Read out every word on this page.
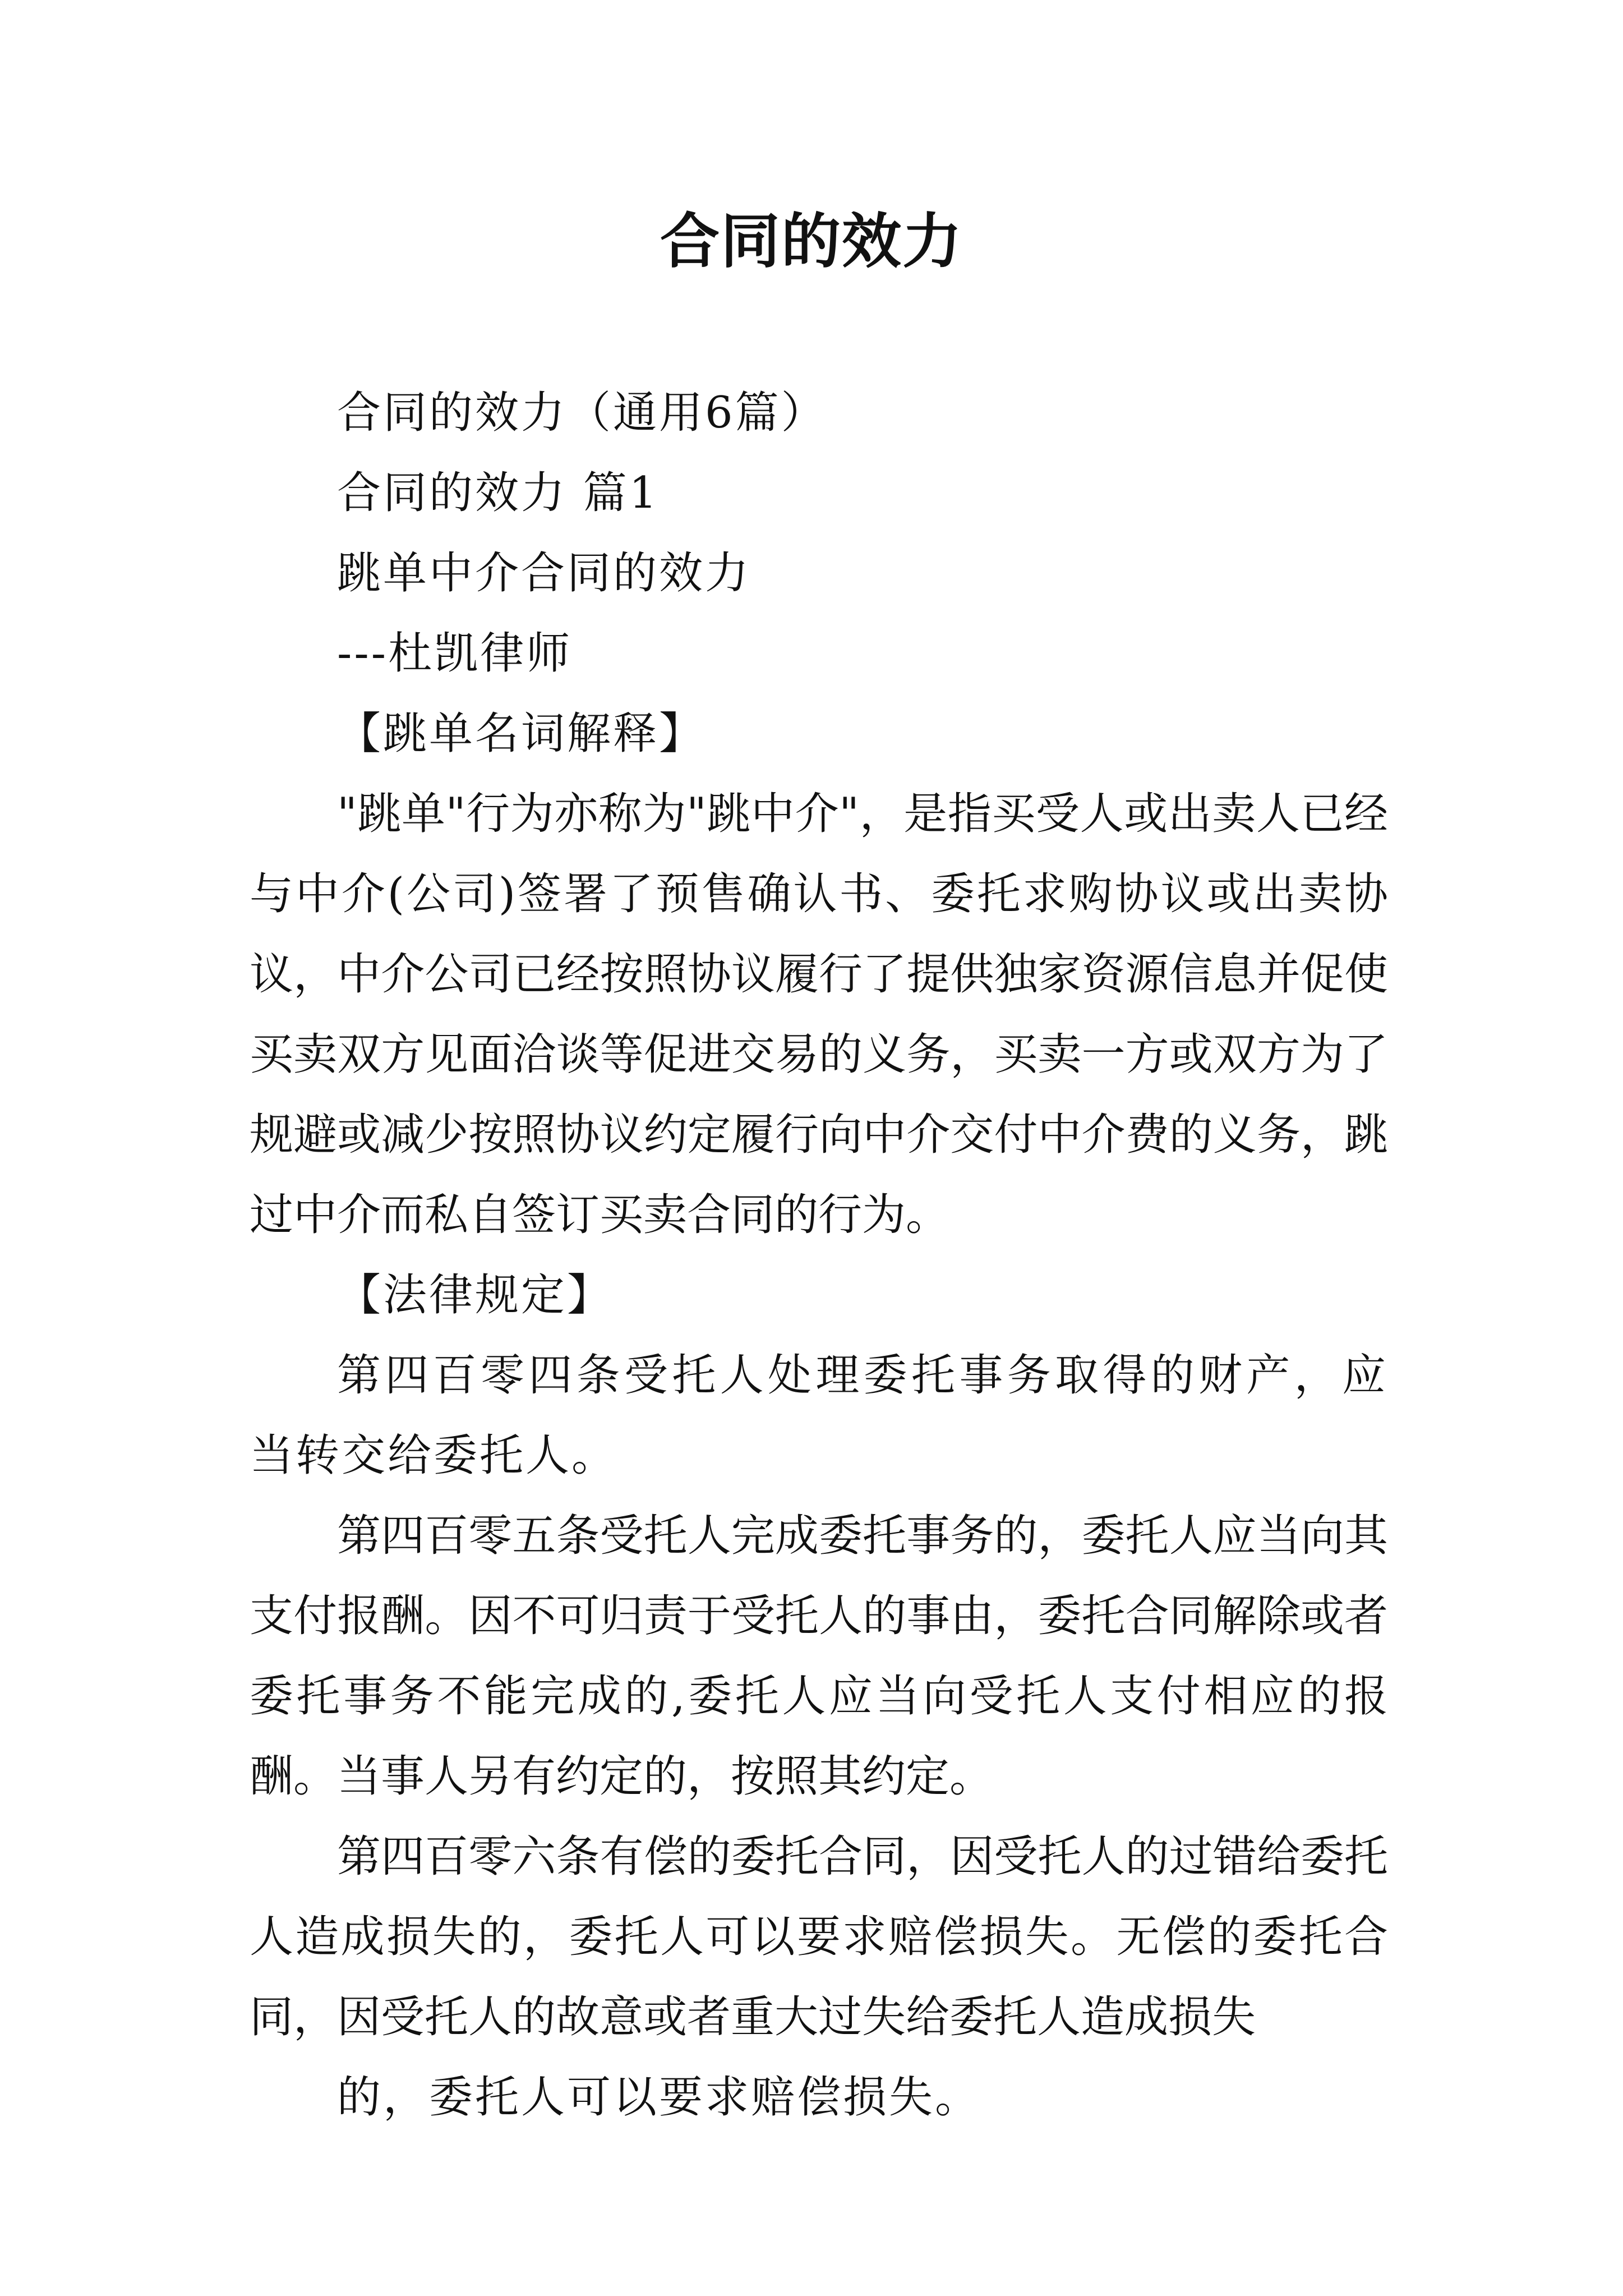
合同的效力

合同的效力（通用6篇）

合同的效力 篇1

跳单中介合同的效力

---杜凯律师

【跳单名词解释】

"跳单"行为亦称为"跳中介"，是指买受人或出卖人已经与中介(公司)签署了预售确认书、委托求购协议或出卖协议，中介公司已经按照协议履行了提供独家资源信息并促使买卖双方见面洽谈等促进交易的义务，买卖一方或双方为了规避或减少按照协议约定履行向中介交付中介费的义务，跳过中介而私自签订买卖合同的行为。

【法律规定】

第四百零四条受托人处理委托事务取得的财产，应当转交给委托人。

第四百零五条受托人完成委托事务的，委托人应当向其支付报酬。因不可归责于受托人的事由，委托合同解除或者委托事务不能完成的,委托人应当向受托人支付相应的报酬。当事人另有约定的，按照其约定。

第四百零六条有偿的委托合同，因受托人的过错给委托人造成损失的，委托人可以要求赔偿损失。无偿的委托合同，因受托人的故意或者重大过失给委托人造成损失

的，委托人可以要求赔偿损失。
